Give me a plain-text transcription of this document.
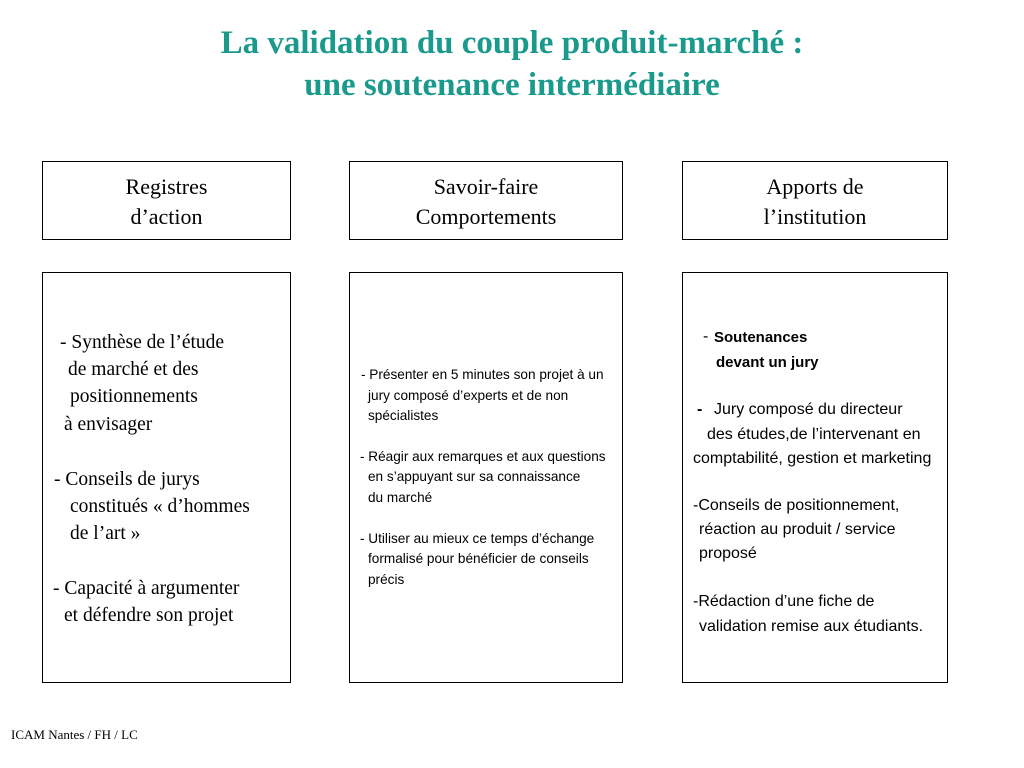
La validation du couple produit-marché :
une soutenance intermédiaire
Registres
d’action
Savoir-faire
Comportements
Apports de
l’institution
- Synthèse de l’étude
de marché et des
positionnements
à envisager
- Conseils de jurys
constitués « d’hommes
de l’art »
- Capacité à argumenter
et défendre son projet
- Présenter en 5 minutes son projet à un
jury composé d’experts et de non
spécialistes
- Réagir aux remarques et aux questions
en s’appuyant sur sa connaissance
du marché
- Utiliser au mieux ce temps d’échange
formalisé pour bénéficier de conseils
précis
- Soutenances
devant un jury
- Jury composé du directeur
des études,de l’intervenant en
comptabilité, gestion et marketing
-Conseils de positionnement,
réaction au produit / service
proposé
-Rédaction d’une fiche de
validation remise aux étudiants.
ICAM Nantes / FH / LC
